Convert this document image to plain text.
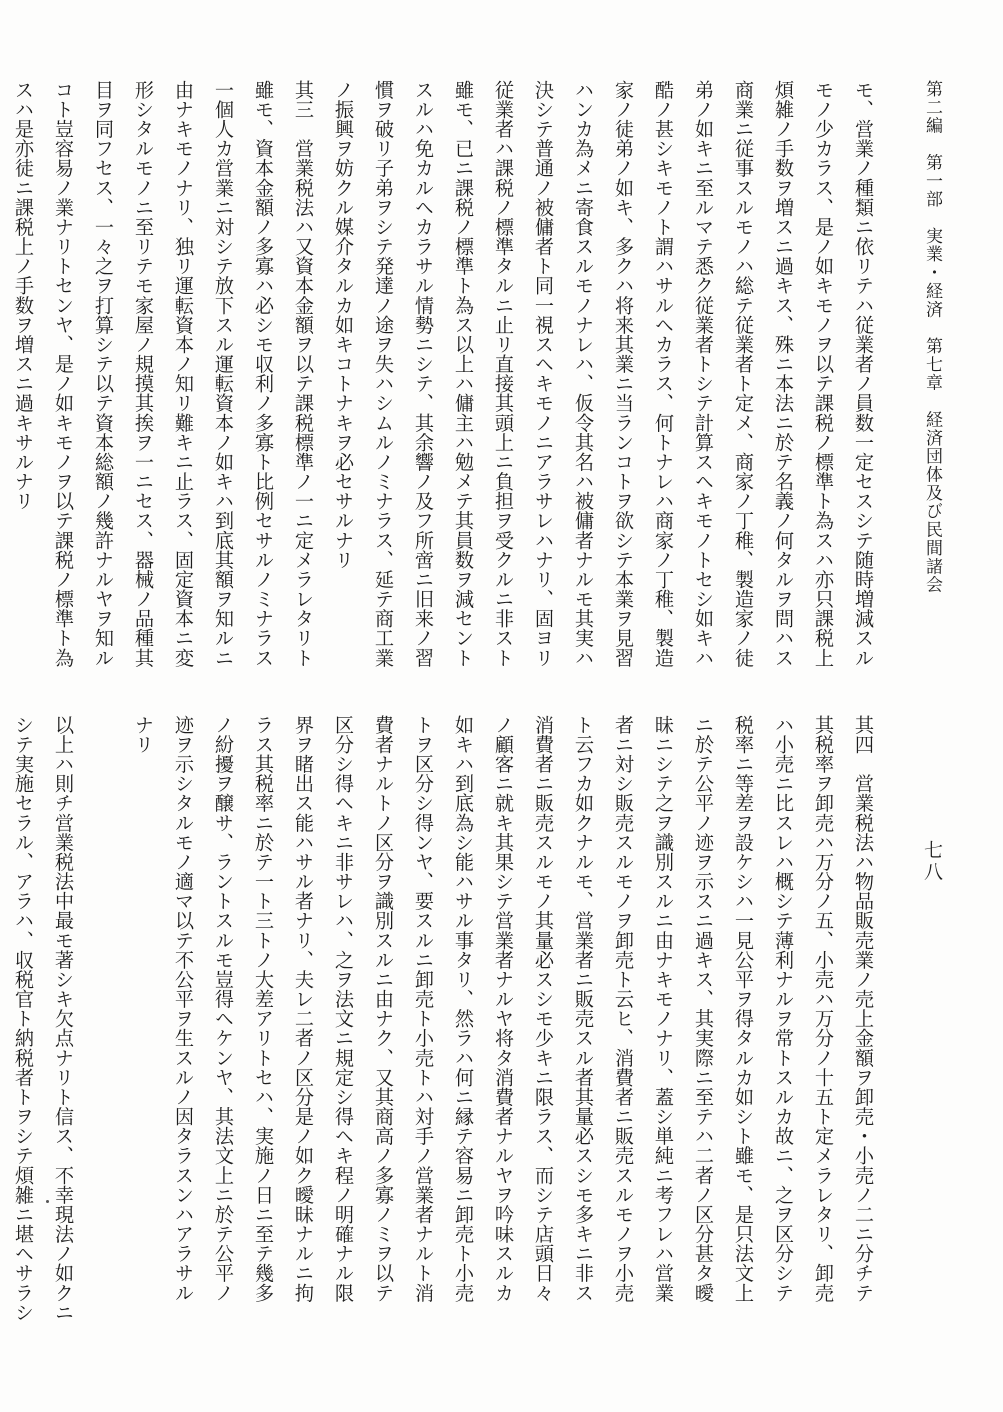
第二編　第一部　実業・経済　第七章　経済団体及び民間諸会
七八
モ、営業ノ種類ニ依リテハ従業者ノ員数一定セスシテ随時増減スル
モノ少カラス、是ノ如キモノヲ以テ課税ノ標準ト為スハ亦只課税上
煩雑ノ手数ヲ増スニ過キス、殊ニ本法ニ於テ名義ノ何タルヲ問ハス
商業ニ従事スルモノハ総テ従業者ト定メ、商家ノ丁稚、製造家ノ徒
弟ノ如キニ至ルマテ悉ク従業者トシテ計算スヘキモノトセシ如キハ
酷ノ甚シキモノト謂ハサルヘカラス、何トナレハ商家ノ丁稚、製造
家ノ徒弟ノ如キ、多クハ将来其業ニ当ランコトヲ欲シテ本業ヲ見習
ハンカ為メニ寄食スルモノナレハ、仮令其名ハ被傭者ナルモ其実ハ
決シテ普通ノ被傭者ト同一視スヘキモノニアラサレハナリ、固ヨリ
従業者ハ課税ノ標準タルニ止リ直接其頭上ニ負担ヲ受クルニ非スト
雖モ、已ニ課税ノ標準ト為ス以上ハ傭主ハ勉メテ其員数ヲ減セント
スルハ免カルヘカラサル情勢ニシテ、其余響ノ及フ所啻ニ旧来ノ習
慣ヲ破リ子弟ヲシテ発達ノ途ヲ失ハシムルノミナラス、延テ商工業
ノ振興ヲ妨クル媒介タルカ如キコトナキヲ必セサルナリ
其三　営業税法ハ又資本金額ヲ以テ課税標準ノ一ニ定メラレタリト
雖モ、資本金額ノ多寡ハ必シモ収利ノ多寡ト比例セサルノミナラス
一個人カ営業ニ対シテ放下スル運転資本ノ如キハ到底其額ヲ知ルニ
由ナキモノナリ、独リ運転資本ノ知リ難キニ止ラス、固定資本ニ変
形シタルモノニ至リテモ家屋ノ規摸其挨ヲ一ニセス、器械ノ品種其
目ヲ同フセス、一々之ヲ打算シテ以テ資本総額ノ幾許ナルヤヲ知ル
コト豈容易ノ業ナリトセンヤ、是ノ如キモノヲ以テ課税ノ標準ト為
スハ是亦徒ニ課税上ノ手数ヲ増スニ過キサルナリ
其四　営業税法ハ物品販売業ノ売上金額ヲ卸売・小売ノ二ニ分チテ
其税率ヲ卸売ハ万分ノ五、小売ハ万分ノ十五ト定メラレタリ、卸売
ハ小売ニ比スレハ概シテ薄利ナルヲ常トスルカ故ニ、之ヲ区分シテ
税率ニ等差ヲ設ケシハ一見公平ヲ得タルカ如シト雖モ、是只法文上
ニ於テ公平ノ迹ヲ示スニ過キス、其実際ニ至テハ二者ノ区分甚タ曖
昧ニシテ之ヲ識別スルニ由ナキモノナリ、蓋シ単純ニ考フレハ営業
者ニ対シ販売スルモノヲ卸売ト云ヒ、消費者ニ販売スルモノヲ小売
ト云フカ如クナルモ、営業者ニ販売スル者其量必スシモ多キニ非ス
消費者ニ販売スルモノ其量必スシモ少キニ限ラス、而シテ店頭日々
ノ顧客ニ就キ其果シテ営業者ナルヤ将タ消費者ナルヤヲ吟味スルカ
如キハ到底為シ能ハサル事タリ、然ラハ何ニ縁テ容易ニ卸売ト小売
トヲ区分シ得ンヤ、要スルニ卸売ト小売トハ対手ノ営業者ナルト消
費者ナルトノ区分ヲ識別スルニ由ナク、又其商高ノ多寡ノミヲ以テ
区分シ得ヘキニ非サレハ、之ヲ法文ニ規定シ得ヘキ程ノ明確ナル限
界ヲ睹出ス能ハサル者ナリ、夫レ二者ノ区分是ノ如ク曖昧ナルニ拘
ラス其税率ニ於テ一ト三トノ大差アリトセハ、実施ノ日ニ至テ幾多
ノ紛擾ヲ醸サ、ラントスルモ豈得ヘケンヤ、其法文上ニ於テ公平ノ
迹ヲ示シタルモノ適マ以テ不公平ヲ生スルノ因タラスンハアラサル
ナリ

以上ハ則チ営業税法中最モ著シキ欠点ナリト信ス、不幸現法ノ如クニ
シテ実施セラル、アラハ、収税官ト納税者トヲシテ煩雑ニ堪ヘサラシ
